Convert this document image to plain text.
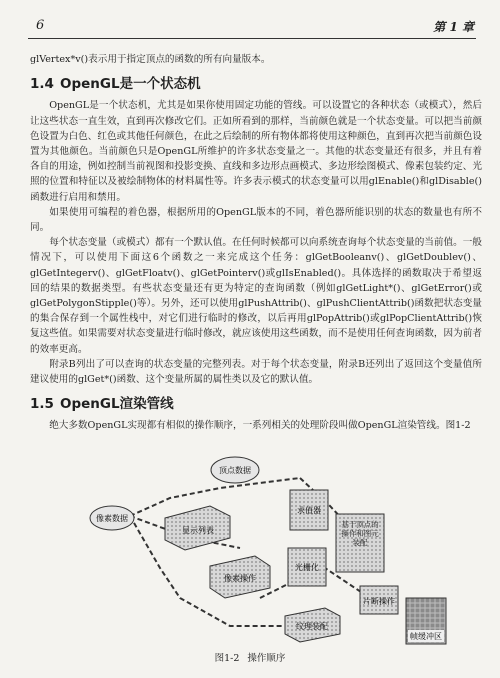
6	第 1 章

glVertex*v()表示用于指定顶点的函数的所有向量版本。

1.4 OpenGL是一个状态机

OpenGL是一个状态机，尤其是如果你使用固定功能的管线。可以设置它的各种状态（或模式），然后让这些状态一直生效，直到再次修改它们。正如所看到的那样，当前颜色就是一个状态变量。可以把当前颜色设置为白色、红色或其他任何颜色，在此之后绘制的所有物体都将使用这种颜色，直到再次把当前颜色设置为其他颜色。当前颜色只是OpenGL所维护的许多状态变量之一。其他的状态变量还有很多，并且有着各自的用途，例如控制当前视图和投影变换、直线和多边形点画模式、多边形绘图模式、像素包装约定、光照的位置和特征以及被绘制物体的材料属性等。许多表示模式的状态变量可以用glEnable()和glDisable()函数进行启用和禁用。

如果使用可编程的着色器，根据所用的OpenGL版本的不同，着色器所能识别的状态的数量也有所不同。

每个状态变量（或模式）都有一个默认值。在任何时候都可以向系统查询每个状态变量的当前值。一般情况下，可以使用下面这6个函数之一来完成这个任务：glGetBooleanv()、glGetDoublev()、glGetIntegerv()、glGetFloatv()、glGetPointerv()或glIsEnabled()。具体选择的函数取决于希望返回的结果的数据类型。有些状态变量还有更为特定的查询函数（例如glGetLight*()、glGetError()或glGetPolygonStipple()等）。另外，还可以使用glPushAttrib()、glPushClientAttrib()函数把状态变量的集合保存到一个属性栈中，对它们进行临时的修改，以后再用glPopAttrib()或glPopClientAttrib()恢复这些值。如果需要对状态变量进行临时修改，就应该使用这些函数，而不是使用任何查询函数，因为前者的效率更高。

附录B列出了可以查询的状态变量的完整列表。对于每个状态变量，附录B还列出了返回这个变量值所建议使用的glGet*()函数、这个变量所属的属性类以及它的默认值。

1.5 OpenGL渲染管线

绝大多数OpenGL实现都有相似的操作顺序，一系列相关的处理阶段叫做OpenGL渲染管线。图1-2

顶点数据
像素数据
显示列表
求值器
基于顶点的操作和图元装配
光栅化
像素操作
纹理装配
片断操作
帧缓冲区
图1-2 操作顺序
